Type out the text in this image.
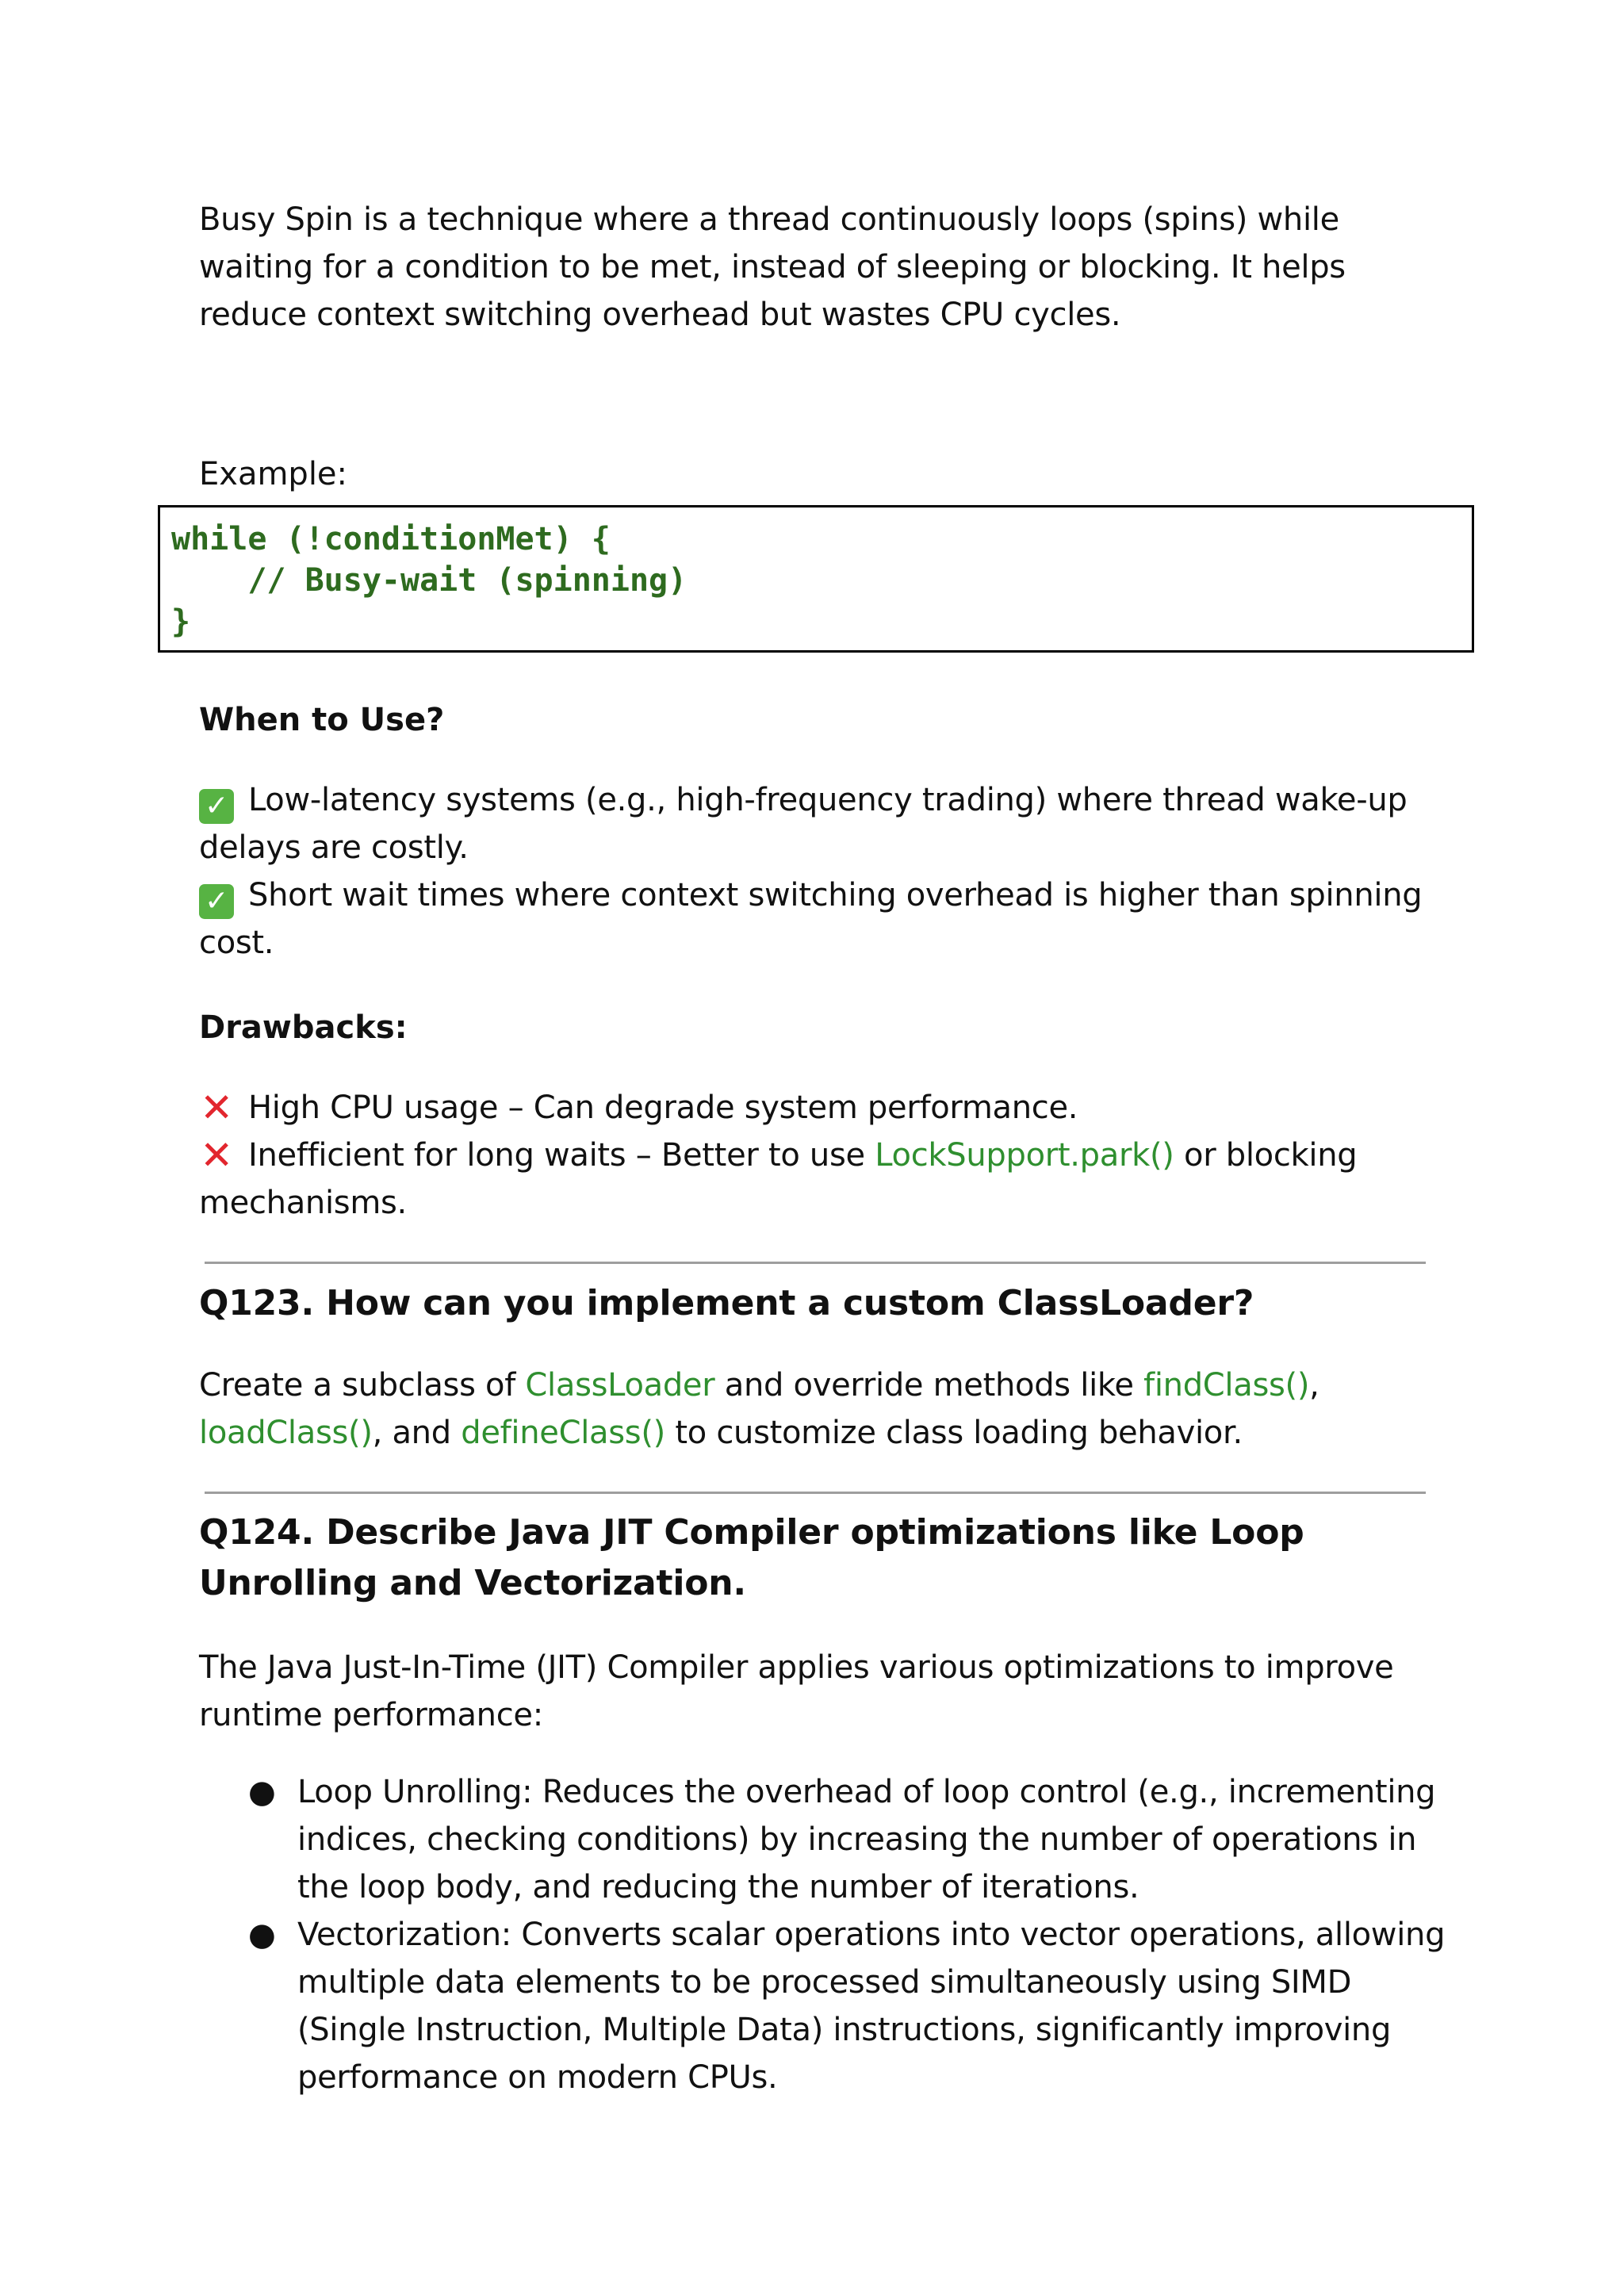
Busy Spin is a technique where a thread continuously loops (spins) while waiting for a condition to be met, instead of sleeping or blocking. It helps reduce context switching overhead but wastes CPU cycles.

Example:

while (!conditionMet) {

// Busy-wait (spinning)

}

When to Use?

✓ Low-latency systems (e.g., high-frequency trading) where thread wake-up delays are costly.

✓ Short wait times where context switching overhead is higher than spinning cost.

Drawbacks:

✕ High CPU usage – Can degrade system performance.

✕ Inefficient for long waits – Better to use LockSupport.park() or blocking mechanisms.

Q123. How can you implement a custom ClassLoader?

Create a subclass of ClassLoader and override methods like findClass(), loadClass(), and defineClass() to customize class loading behavior.

Q124. Describe Java JIT Compiler optimizations like Loop Unrolling and Vectorization.

The Java Just-In-Time (JIT) Compiler applies various optimizations to improve runtime performance:

● Loop Unrolling: Reduces the overhead of loop control (e.g., incrementing indices, checking conditions) by increasing the number of operations in the loop body, and reducing the number of iterations.
● Vectorization: Converts scalar operations into vector operations, allowing multiple data elements to be processed simultaneously using SIMD (Single Instruction, Multiple Data) instructions, significantly improving performance on modern CPUs.
